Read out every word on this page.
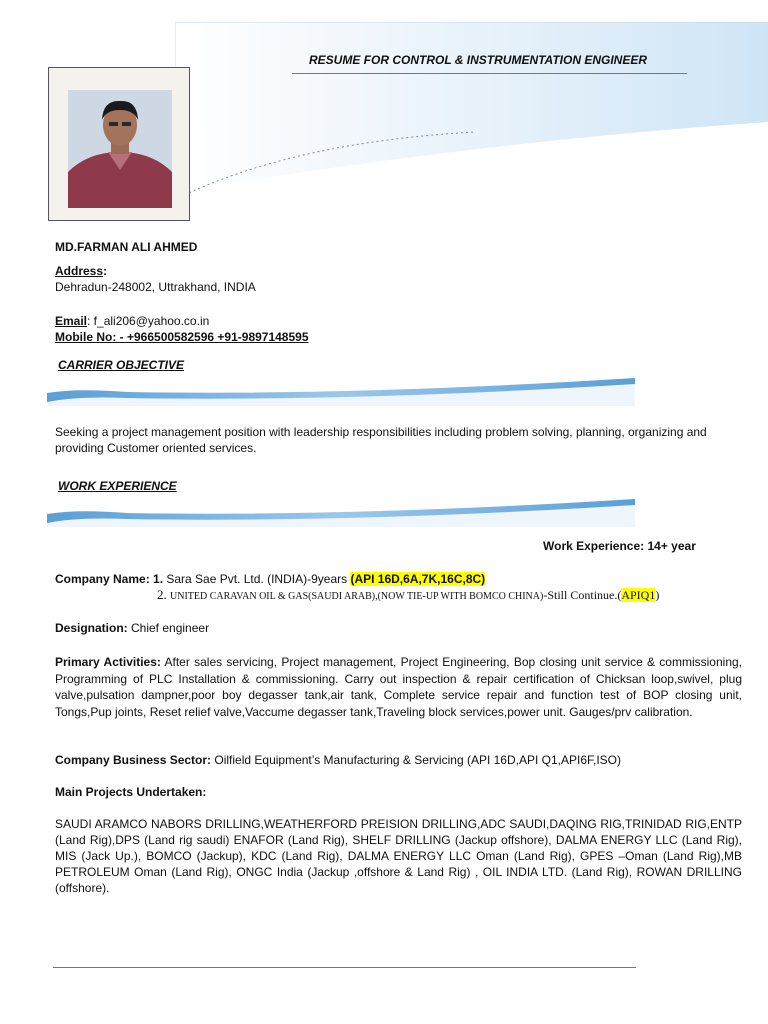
RESUME FOR CONTROL & INSTRUMENTATION ENGINEER
MD.FARMAN ALI AHMED
Address:
Dehradun-248002, Uttrakhand, INDIA
Email: f_ali206@yahoo.co.in
Mobile No: - +966500582596 +91-9897148595
CARRIER OBJECTIVE
Seeking a project management position with leadership responsibilities including problem solving, planning, organizing and providing Customer oriented services.
WORK EXPERIENCE
Work Experience: 14+ year
Company Name: 1. Sara Sae Pvt. Ltd. (INDIA)-9years (API 16D,6A,7K,16C,8C)
2. UNITED CARAVAN OIL & GAS(SAUDI ARAB),(NOW TIE-UP WITH BOMCO CHINA)-Still Continue.(APIQ1)
Designation: Chief engineer
Primary Activities: After sales servicing, Project management, Project Engineering, Bop closing unit service & commissioning, Programming of PLC Installation & commissioning. Carry out inspection & repair certification of Chicksan loop,swivel, plug valve,pulsation dampner,poor boy degasser tank,air tank, Complete service repair and function test of BOP closing unit, Tongs,Pup joints, Reset relief valve,Vaccume degasser tank,Traveling block services,power unit. Gauges/prv calibration.
Company Business Sector: Oilfield Equipment’s Manufacturing & Servicing (API 16D,API Q1,API6F,ISO)
Main Projects Undertaken:
SAUDI ARAMCO NABORS DRILLING,WEATHERFORD PREISION DRILLING,ADC SAUDI,DAQING RIG,TRINIDAD RIG,ENTP (Land Rig),DPS (Land rig saudi) ENAFOR (Land Rig), SHELF DRILLING (Jackup offshore), DALMA ENERGY LLC (Land Rig), MIS (Jack Up.), BOMCO (Jackup), KDC (Land Rig), DALMA ENERGY LLC Oman (Land Rig), GPES –Oman (Land Rig),MB PETROLEUM Oman (Land Rig), ONGC India (Jackup ,offshore & Land Rig) , OIL INDIA LTD. (Land Rig), ROWAN DRILLING (offshore).
